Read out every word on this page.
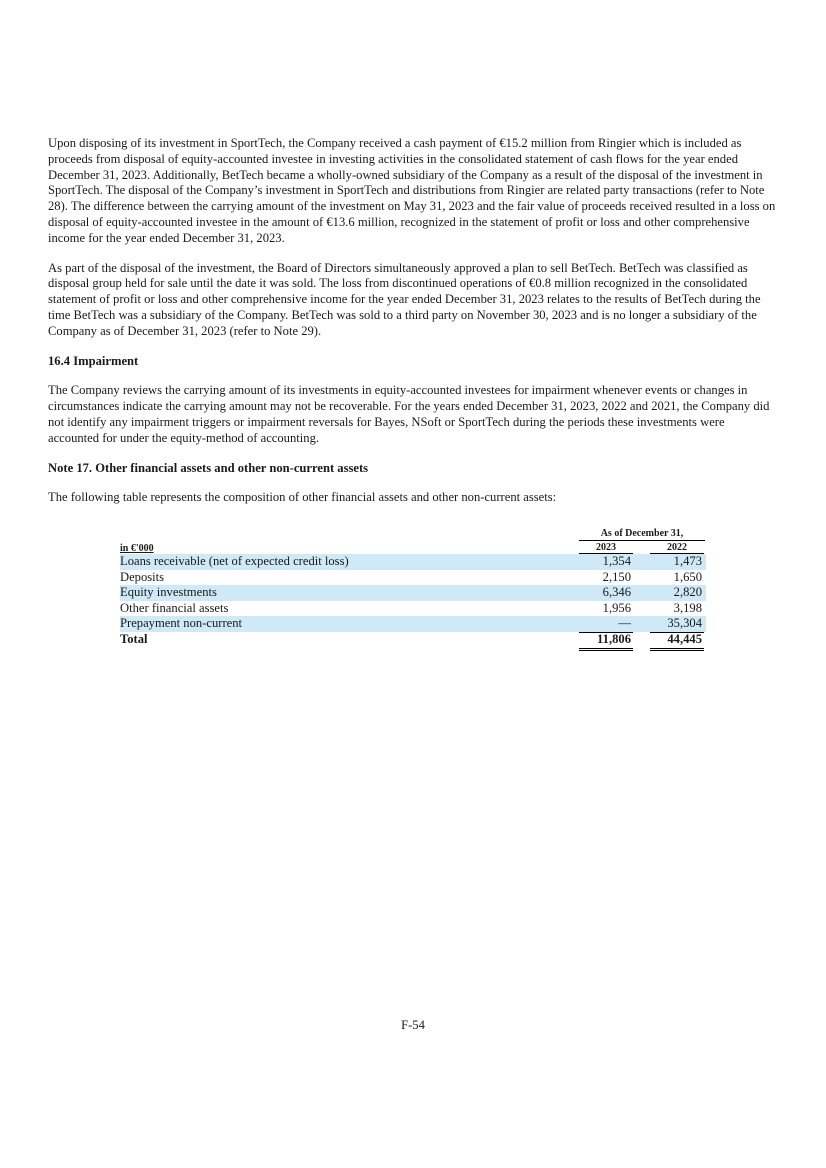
Upon disposing of its investment in SportTech, the Company received a cash payment of €15.2 million from Ringier which is included as proceeds from disposal of equity-accounted investee in investing activities in the consolidated statement of cash flows for the year ended December 31, 2023. Additionally, BetTech became a wholly-owned subsidiary of the Company as a result of the disposal of the investment in SportTech. The disposal of the Company’s investment in SportTech and distributions from Ringier are related party transactions (refer to Note 28). The difference between the carrying amount of the investment on May 31, 2023 and the fair value of proceeds received resulted in a loss on disposal of equity-accounted investee in the amount of €13.6 million, recognized in the statement of profit or loss and other comprehensive income for the year ended December 31, 2023.

As part of the disposal of the investment, the Board of Directors simultaneously approved a plan to sell BetTech. BetTech was classified as disposal group held for sale until the date it was sold. The loss from discontinued operations of €0.8 million recognized in the consolidated statement of profit or loss and other comprehensive income for the year ended December 31, 2023 relates to the results of BetTech during the time BetTech was a subsidiary of the Company. BetTech was sold to a third party on November 30, 2023 and is no longer a subsidiary of the Company as of December 31, 2023 (refer to Note 29).

16.4 Impairment

The Company reviews the carrying amount of its investments in equity-accounted investees for impairment whenever events or changes in circumstances indicate the carrying amount may not be recoverable. For the years ended December 31, 2023, 2022 and 2021, the Company did not identify any impairment triggers or impairment reversals for Bayes, NSoft or SportTech during the periods these investments were accounted for under the equity-method of accounting.

Note 17. Other financial assets and other non-current assets

The following table represents the composition of other financial assets and other non-current assets:

in €'000
As of December 31,
2023	2022
Loans receivable (net of expected credit loss)	1,354	1,473
Deposits	2,150	1,650
Equity investments	6,346	2,820
Other financial assets	1,956	3,198
Prepayment non-current	—	35,304
Total	11,806	44,445
F-54
